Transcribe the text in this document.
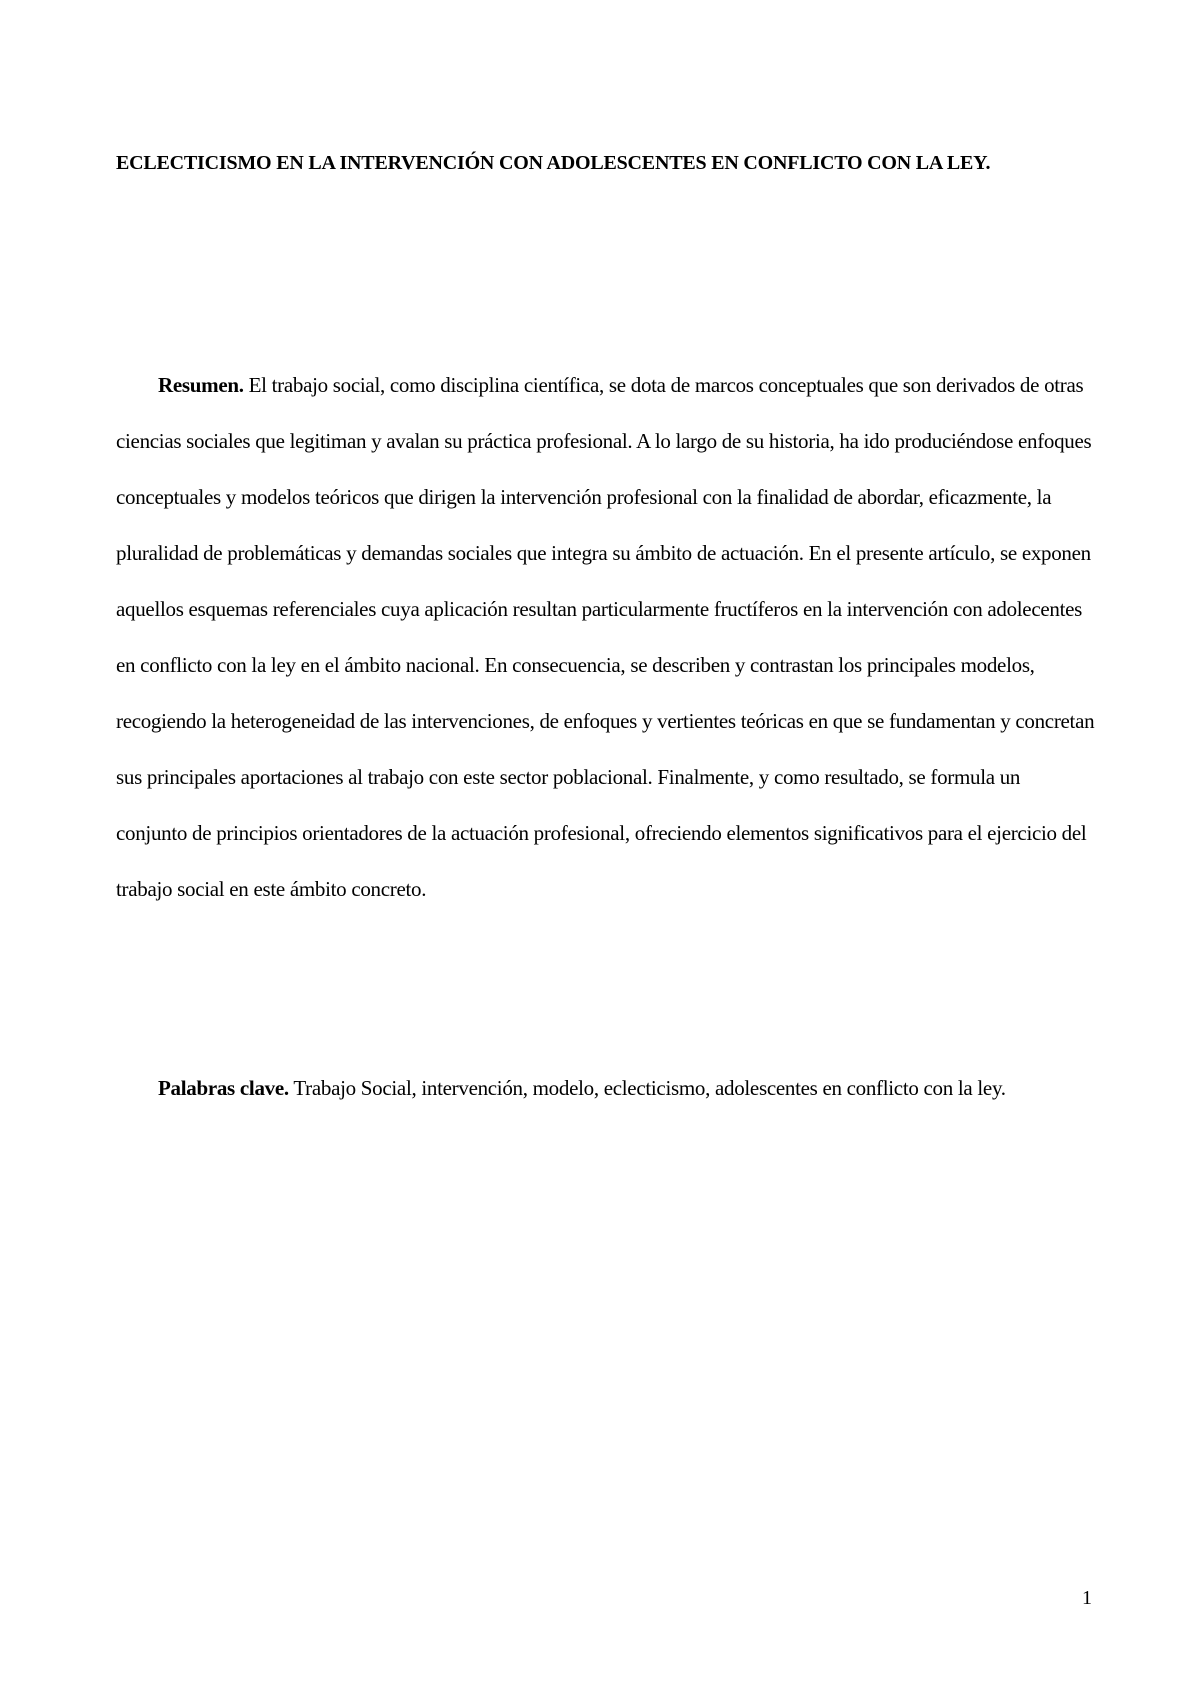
ECLECTICISMO EN LA INTERVENCIÓN CON ADOLESCENTES EN CONFLICTO CON LA LEY.

Resumen. El trabajo social, como disciplina científica, se dota de marcos conceptuales que son derivados de otras ciencias sociales que legitiman y avalan su práctica profesional. A lo largo de su historia, ha ido produciéndose enfoques conceptuales y modelos teóricos que dirigen la intervención profesional con la finalidad de abordar, eficazmente, la pluralidad de problemáticas y demandas sociales que integra su ámbito de actuación. En el presente artículo, se exponen aquellos esquemas referenciales cuya aplicación resultan particularmente fructíferos en la intervención con adolecentes en conflicto con la ley en el ámbito nacional. En consecuencia, se describen y contrastan los principales modelos, recogiendo la heterogeneidad de las intervenciones, de enfoques y vertientes teóricas en que se fundamentan y concretan sus principales aportaciones al trabajo con este sector poblacional. Finalmente, y como resultado, se formula un conjunto de principios orientadores de la actuación profesional, ofreciendo elementos significativos para el ejercicio del trabajo social en este ámbito concreto.

Palabras clave. Trabajo Social, intervención, modelo, eclecticismo, adolescentes en conflicto con la ley.

1
